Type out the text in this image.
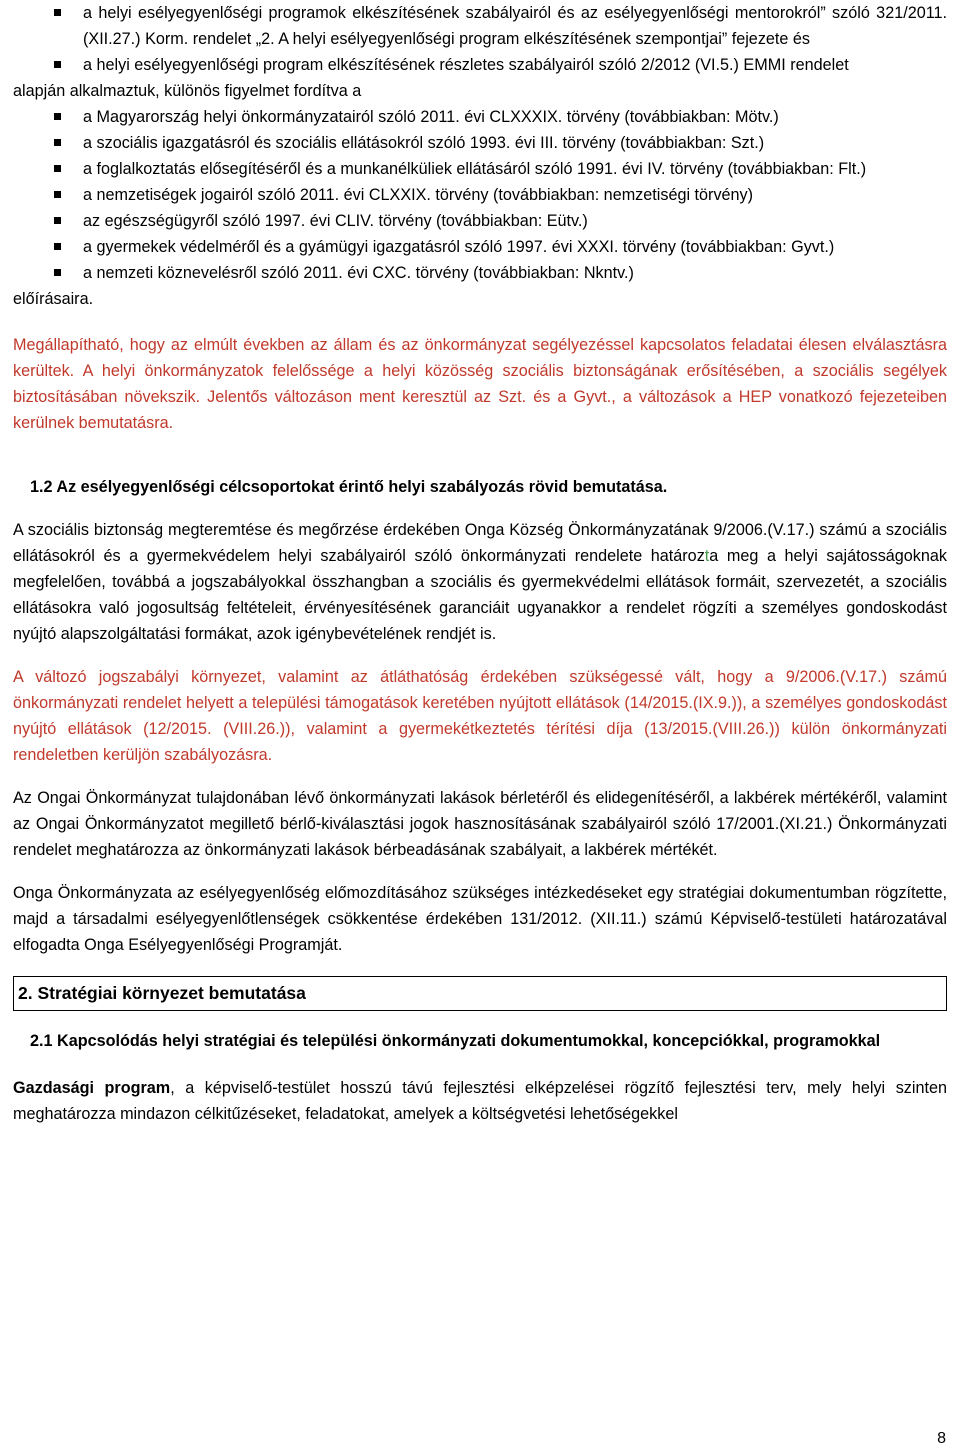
a helyi esélyegyenlőségi programok elkészítésének szabályairól és az esélyegyenlőségi mentorokról” szóló 321/2011. (XII.27.) Korm. rendelet „2. A helyi esélyegyenlőségi program elkészítésének szempontjai” fejezete és
a helyi esélyegyenlőségi program elkészítésének részletes szabályairól szóló 2/2012 (VI.5.) EMMI rendelet

alapján alkalmaztuk, különös figyelmet fordítva a

a Magyarország helyi önkormányzatairól szóló 2011. évi CLXXXIX. törvény (továbbiakban: Mötv.)
a szociális igazgatásról és szociális ellátásokról szóló 1993. évi III. törvény (továbbiakban: Szt.)
a foglalkoztatás elősegítéséről és a munkanélküliek ellátásáról szóló 1991. évi IV. törvény (továbbiakban: Flt.)
a nemzetiségek jogairól szóló 2011. évi CLXXIX. törvény (továbbiakban: nemzetiségi törvény)
az egészségügyről szóló 1997. évi CLIV. törvény (továbbiakban: Eütv.)
a gyermekek védelméről és a gyámügyi igazgatásról szóló 1997. évi XXXI. törvény (továbbiakban: Gyvt.)
a nemzeti köznevelésről szóló 2011. évi CXC. törvény (továbbiakban: Nkntv.)

előírásaira.

Megállapítható, hogy az elmúlt években az állam és az önkormányzat segélyezéssel kapcsolatos feladatai élesen elválasztásra kerültek. A helyi önkormányzatok felelőssége a helyi közösség szociális biztonságának erősítésében, a szociális segélyek biztosításában növekszik. Jelentős változáson ment keresztül az Szt. és a Gyvt., a változások a HEP vonatkozó fejezeteiben kerülnek bemutatásra.

1.2 Az esélyegyenlőségi célcsoportokat érintő helyi szabályozás rövid bemutatása.

A szociális biztonság megteremtése és megőrzése érdekében Onga Község Önkormányzatának 9/2006.(V.17.) számú a szociális ellátásokról és a gyermekvédelem helyi szabályairól szóló önkormányzati rendelete határozta meg a helyi sajátosságoknak megfelelően, továbbá a jogszabályokkal összhangban a szociális és gyermekvédelmi ellátások formáit, szervezetét, a szociális ellátásokra való jogosultság feltételeit, érvényesítésének garanciáit ugyanakkor a rendelet rögzíti a személyes gondoskodást nyújtó alapszolgáltatási formákat, azok igénybevételének rendjét is.

A változó jogszabályi környezet, valamint az átláthatóság érdekében szükségessé vált, hogy a 9/2006.(V.17.) számú önkormányzati rendelet helyett a települési támogatások keretében nyújtott ellátások (14/2015.(IX.9.)), a személyes gondoskodást nyújtó ellátások (12/2015. (VIII.26.)), valamint a gyermekétkeztetés térítési díja (13/2015.(VIII.26.)) külön önkormányzati rendeletben kerüljön szabályozásra.

Az Ongai Önkormányzat tulajdonában lévő önkormányzati lakások bérletéről és elidegenítéséről, a lakbérek mértékéről, valamint az Ongai Önkormányzatot megillető bérlő-kiválasztási jogok hasznosításának szabályairól szóló 17/2001.(XI.21.) Önkormányzati rendelet meghatározza az önkormányzati lakások bérbeadásának szabályait, a lakbérek mértékét.

Onga Önkormányzata az esélyegyenlőség előmozdításához szükséges intézkedéseket egy stratégiai dokumentumban rögzítette, majd a társadalmi esélyegyenlőtlenségek csökkentése érdekében 131/2012. (XII.11.) számú Képviselő-testületi határozatával elfogadta Onga Esélyegyenlőségi Programját.

2. Stratégiai környezet bemutatása

2.1 Kapcsolódás helyi stratégiai és települési önkormányzati dokumentumokkal, koncepciókkal, programokkal

Gazdasági program, a képviselő-testület hosszú távú fejlesztési elképzelései rögzítő fejlesztési terv, mely helyi szinten meghatározza mindazon célkitűzéseket, feladatokat, amelyek a költségvetési lehetőségekkel

8
